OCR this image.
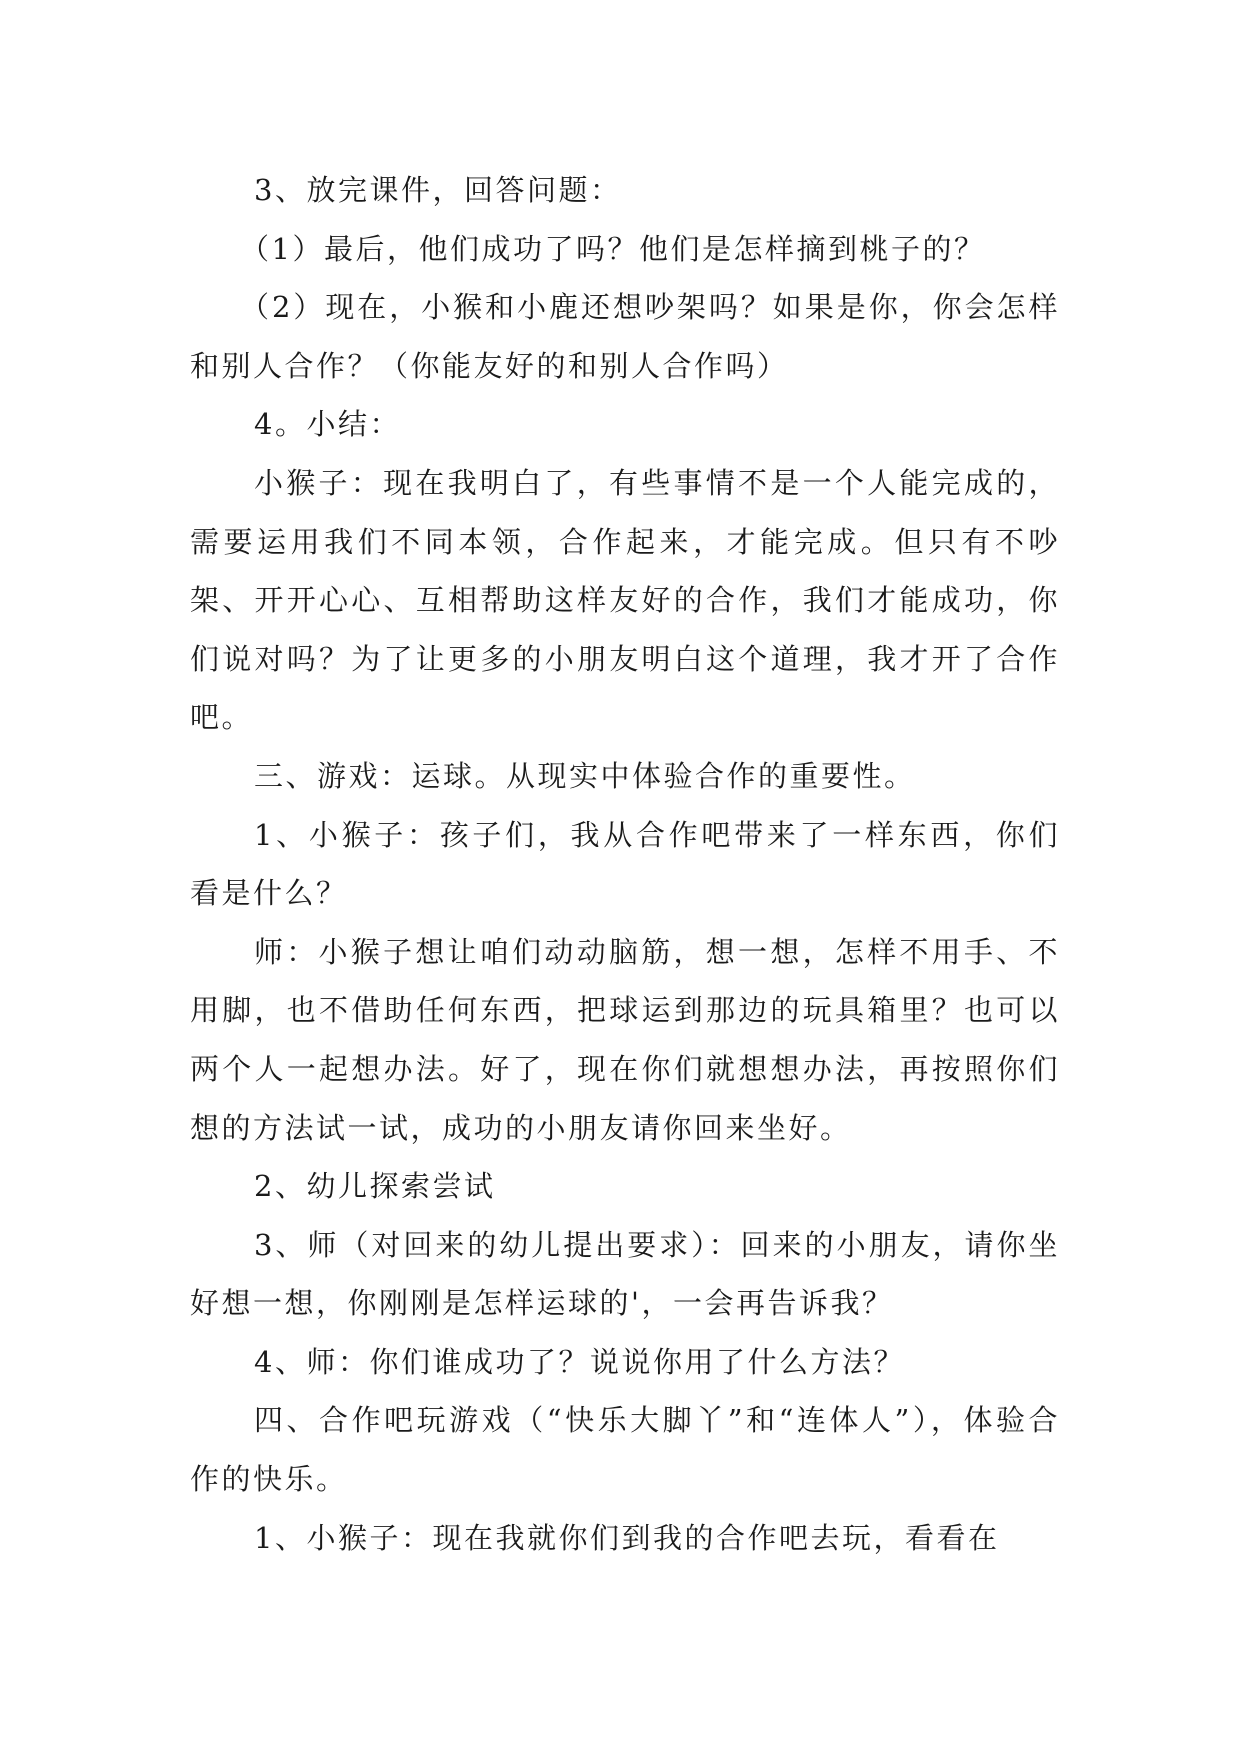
3、放完课件，回答问题：

（1）最后，他们成功了吗？他们是怎样摘到桃子的？

（2）现在，小猴和小鹿还想吵架吗？如果是你，你会怎样和别人合作？（你能友好的和别人合作吗）

4。小结：

小猴子：现在我明白了，有些事情不是一个人能完成的，需要运用我们不同本领，合作起来，才能完成。但只有不吵架、开开心心、互相帮助这样友好的合作，我们才能成功，你们说对吗？为了让更多的小朋友明白这个道理，我才开了合作吧。

三、游戏：运球。从现实中体验合作的重要性。

1、小猴子：孩子们，我从合作吧带来了一样东西，你们看是什么？

师：小猴子想让咱们动动脑筋，想一想，怎样不用手、不用脚，也不借助任何东西，把球运到那边的玩具箱里？也可以两个人一起想办法。好了，现在你们就想想办法，再按照你们想的方法试一试，成功的小朋友请你回来坐好。

2、幼儿探索尝试

3、师（对回来的幼儿提出要求）：回来的小朋友，请你坐好想一想，你刚刚是怎样运球的'，一会再告诉我？

4、师：你们谁成功了？说说你用了什么方法？

四、合作吧玩游戏（“快乐大脚丫”和“连体人”），体验合作的快乐。

1、小猴子：现在我就你们到我的合作吧去玩，看看在
